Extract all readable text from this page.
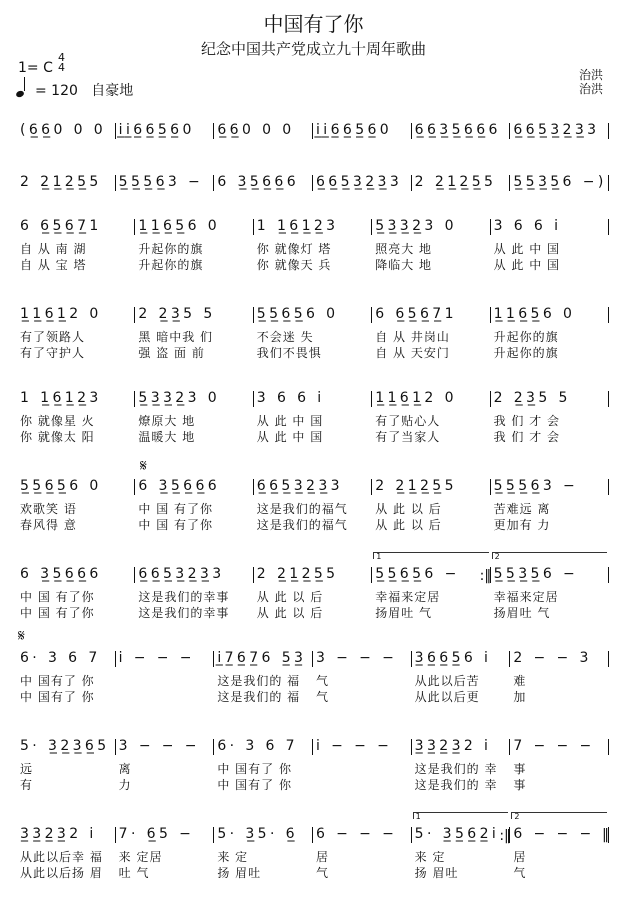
中国有了你
纪念中国共产党成立九十周年歌曲
1= C
4
4
= 120 自豪地
治洪
治洪
(6̲6̲0 0 0 i̲i̲6̲6̲5̲6̲0 6̲6̲0 0 0 i̲i̲6̲6̲5̲6̲0 6̲6̲3̲5̲6̲6̲6 6̲6̲5̲3̲2̲3̲3
2 2̲1̲2̲5̲5 5̲5̲5̲6̲3 − 6 3̲5̲6̲6̲6 6̲6̲5̲3̲2̲3̲3 2 2̲1̲2̲5̲5 5̲5̲3̲5̲6 −)
6 6̲5̲6̲7̲1	1̲1̲6̲5̲6 0	1 1̲6̲1̲2̲3	5̲3̲3̲2̲3 0	3 6 6 i
自 从 南 湖	升起你的旗	你 就像灯 塔	照亮大 地	从 此 中 国
自 从 宝 塔	升起你的旗	你 就像天 兵	降临大 地	从 此 中 国
1̲1̲6̲1̲2 0	2 2̲3̲5 5	5̲5̲6̲5̲6 0	6 6̲5̲6̲7̲1	1̲1̲6̲5̲6 0
有了领路人	黑 暗中我 们	不会迷 失	自 从 井岗山	升起你的旗
有了守护人	强 盗 面 前	我们不畏惧	自 从 天安门	升起你的旗
1 1̲6̲1̲2̲3	5̲3̲3̲2̲3 0	3 6 6 i	1̲1̲6̲1̲2 0	2 2̲3̲5 5
你 就像星 火	燎原大 地	从 此 中 国	有了贴心人	我 们 才 会
你 就像太 阳	温暖大 地	从 此 中 国	有了当家人	我 们 才 会
5̲5̲6̲5̲6 0	6 3̲5̲6̲6̲6	6̲6̲5̲3̲2̲3̲3 2 2̲1̲2̲5̲5	5̲5̲5̲6̲3 −
欢歌笑 语	中 国 有了你	这是我们的福气 从 此 以 后	苦难远 离
春风得 意	中 国 有了你	这是我们的福气 从 此 以 后	更加有 力
6 3̲5̲6̲6̲6	6̲6̲5̲3̲2̲3̲3 2 2̲1̲2̲5̲5	5̲5̲6̲5̲6 − 5̲5̲3̲5̲6 −
:‖
1	2
中 国 有了你	这是我们的幸事 从 此 以 后	幸福来定居	幸福来定居
中 国 有了你	这是我们的幸事 从 此 以 后	扬眉吐 气	扬眉吐 气
6· 3 6 7 i − − − i̲7̲6̲7̲6 5̲3̲ 3 − − − 3̲6̲6̲5̲6 i 2 − − 3
中 国有了 你	这是我们的 福 气	从此以后苦	难
中 国有了 你	这是我们的 福 气	从此以后更	加
5· 3̲2̲3̲6̲5 3 − − − 6· 3 6 7 i − − − 3̲3̲2̲3̲2 i 7 − − −
远	离	中 国有了 你	这是我们的 幸 事
有	力	中 国有了 你	这是我们的 幸 事
3̲3̲2̲3̲2 i 7· 6̲5 − 5· 3̲5· 6̲ 6 − − − 5· 3̲5̲6̲2̲i 6 − − −
:‖
1	2
从此以后幸 福 来 定居	来 定	居	来 定	居
从此以后扬 眉 吐 气	扬 眉吐	气	扬 眉吐	气
𝄋
𝄋
‖
